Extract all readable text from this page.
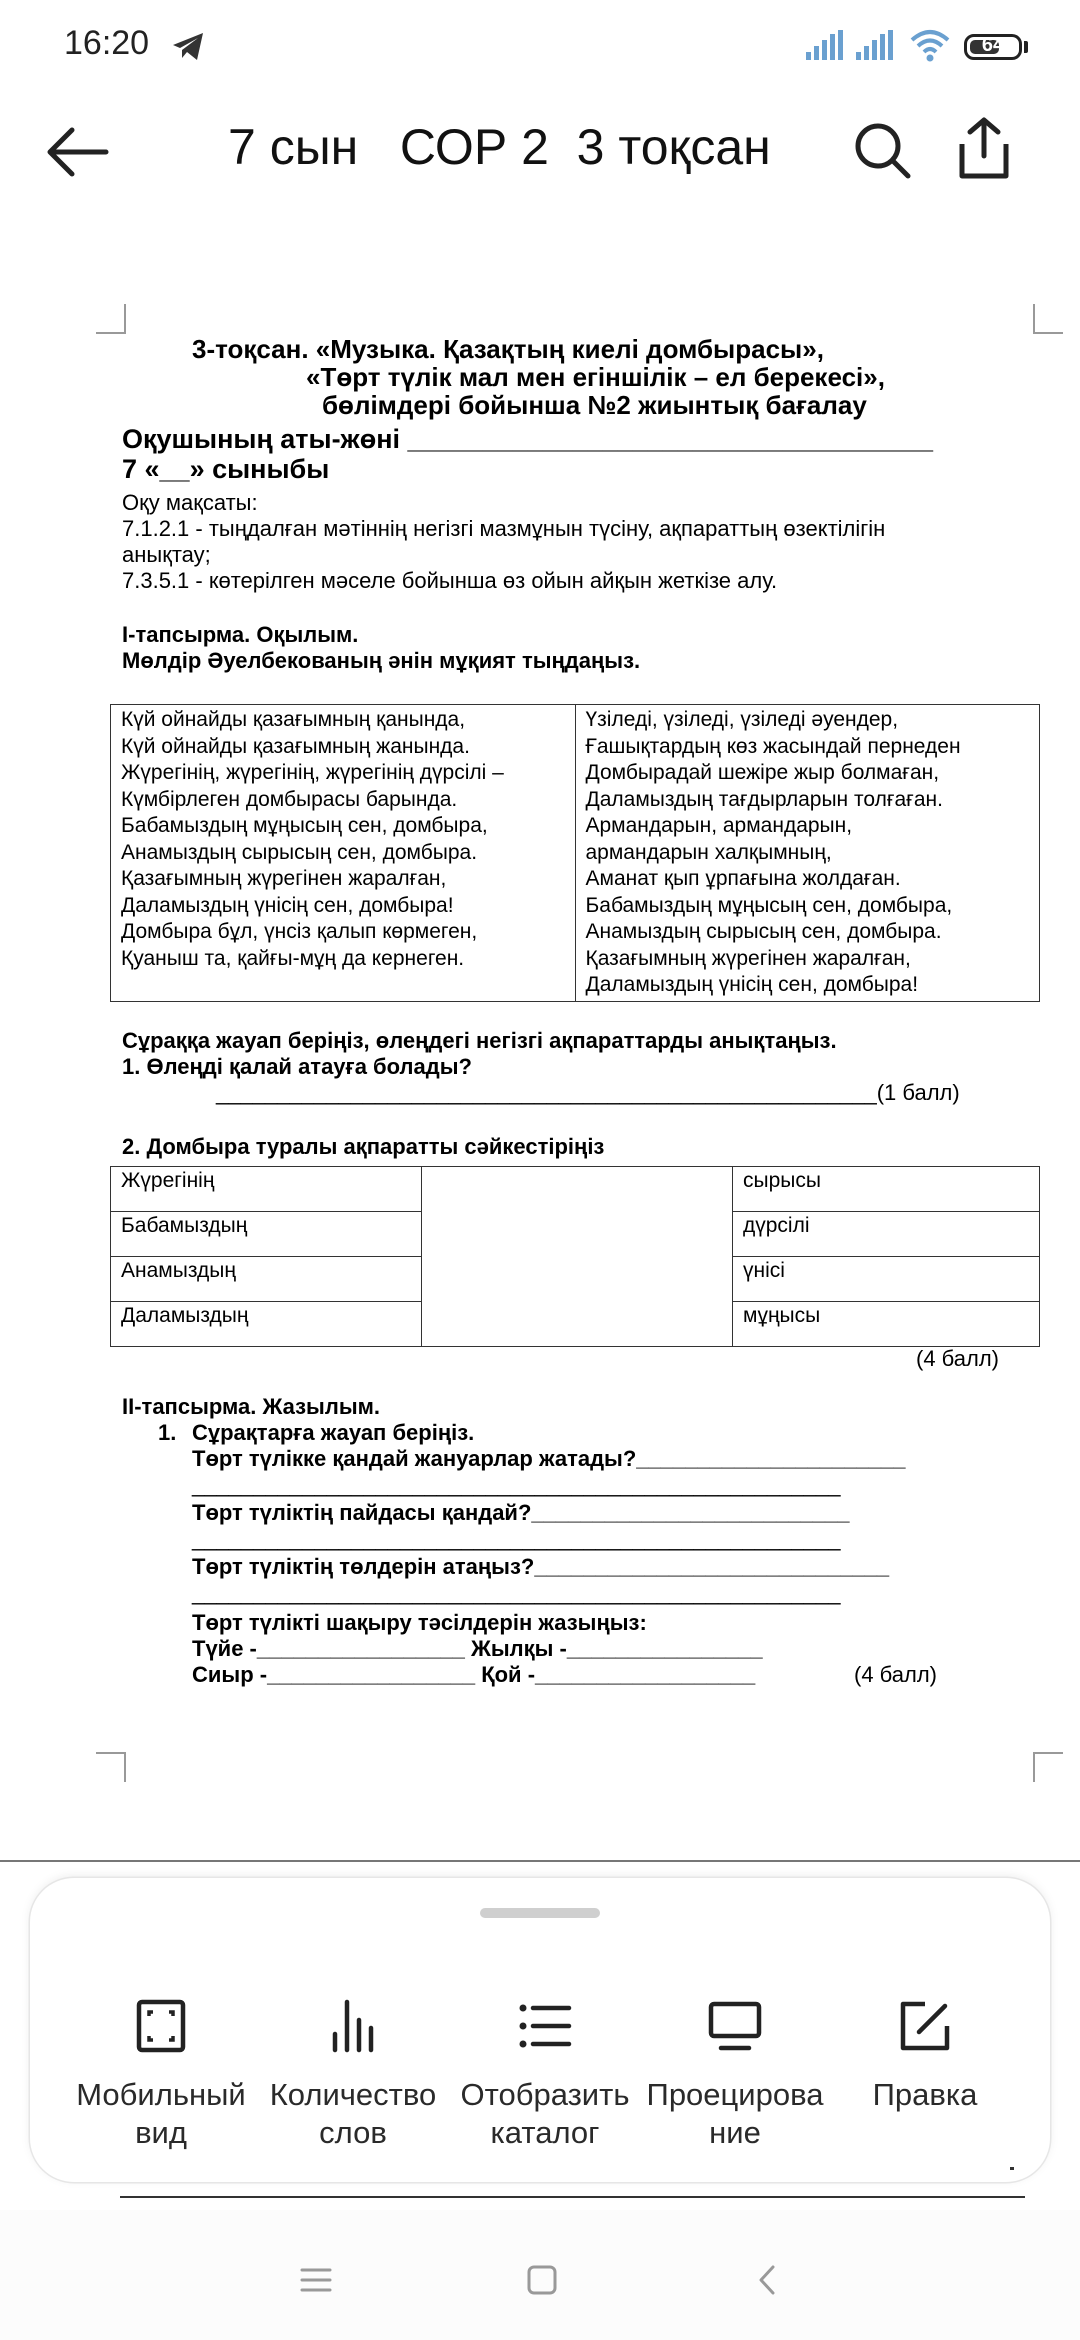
16:20	64
7 сын   СОР 2  3 тоқсан
3-тоқсан. «Музыка. Қазақтың киелі домбырасы»,
«Төрт түлік мал мен егіншілік – ел берекесі»,
бөлімдері бойынша №2 жиынтық бағалау
Оқушының аты-жөні ___________________________________
7 «__» сыныбы
Оқу мақсаты:
7.1.2.1 - тыңдалған мәтіннің негізгі мазмұнын түсіну, ақпараттың өзектілігін
анықтау;
7.3.5.1 - көтерілген мәселе бойынша өз ойын айқын жеткізе алу.
І-тапсырма. Оқылым.
Мөлдір Әуелбекованың әнін мұқият тыңдаңыз.
Күй ойнайды қазағымның қанында,
Күй ойнайды қазағымның жанында.
Жүрегінің, жүрегінің, жүрегінің дүрсілі –
Күмбірлеген домбырасы барында.
Бабамыздың мұңысың сен, домбыра,
Анамыздың сырысың сен, домбыра.
Қазағымның жүрегінен жаралған,
Даламыздың үнісің сен, домбыра!
Домбыра бұл, үнсіз қалып көрмеген,
Қуаныш та, қайғы-мұң да кернеген.

Үзіледі, үзіледі, үзіледі әуендер,
Ғашықтардың көз жасындай пернеден
Домбырадай шежіре жыр болмаған,
Даламыздың тағдырларын толғаған.
Армандарын, армандарын,
армандарын халқымның,
Аманат қып ұрпағына жолдаған.
Бабамыздың мұңысың сен, домбыра,
Анамыздың сырысың сен, домбыра.
Қазағымның жүрегінен жаралған,
Даламыздың үнісің сен, домбыра!
Сұраққа жауап беріңіз, өлеңдегі негізгі ақпараттарды анықтаңыз.
1. Өлеңді қалай атауға болады?
______________________________________________________(1 балл)
2. Домбыра туралы ақпаратты сәйкестіріңіз
Жүрегінің		сырысы
Бабамыздың		дүрсілі
Анамыздың		үнісі
Даламыздың		мұңысы
(4 балл)
ІІ-тапсырма. Жазылым.
1. Сұрақтарға жауап беріңіз.
Төрт түлікке қандай жануарлар жатады?______________________
_____________________________________________________
Төрт түліктің пайдасы қандай?__________________________
_____________________________________________________
Төрт түліктің төлдерін атаңыз?_____________________________
_____________________________________________________
Төрт түлікті шақыру тәсілдерін жазыңыз:
Түйе -_________________ Жылқы -________________
Сиыр -_________________ Қой -__________________	(4 балл)
Мобильный
вид
Количество
слов
Отобразить
каталог
Проецирова
ние
Правка
